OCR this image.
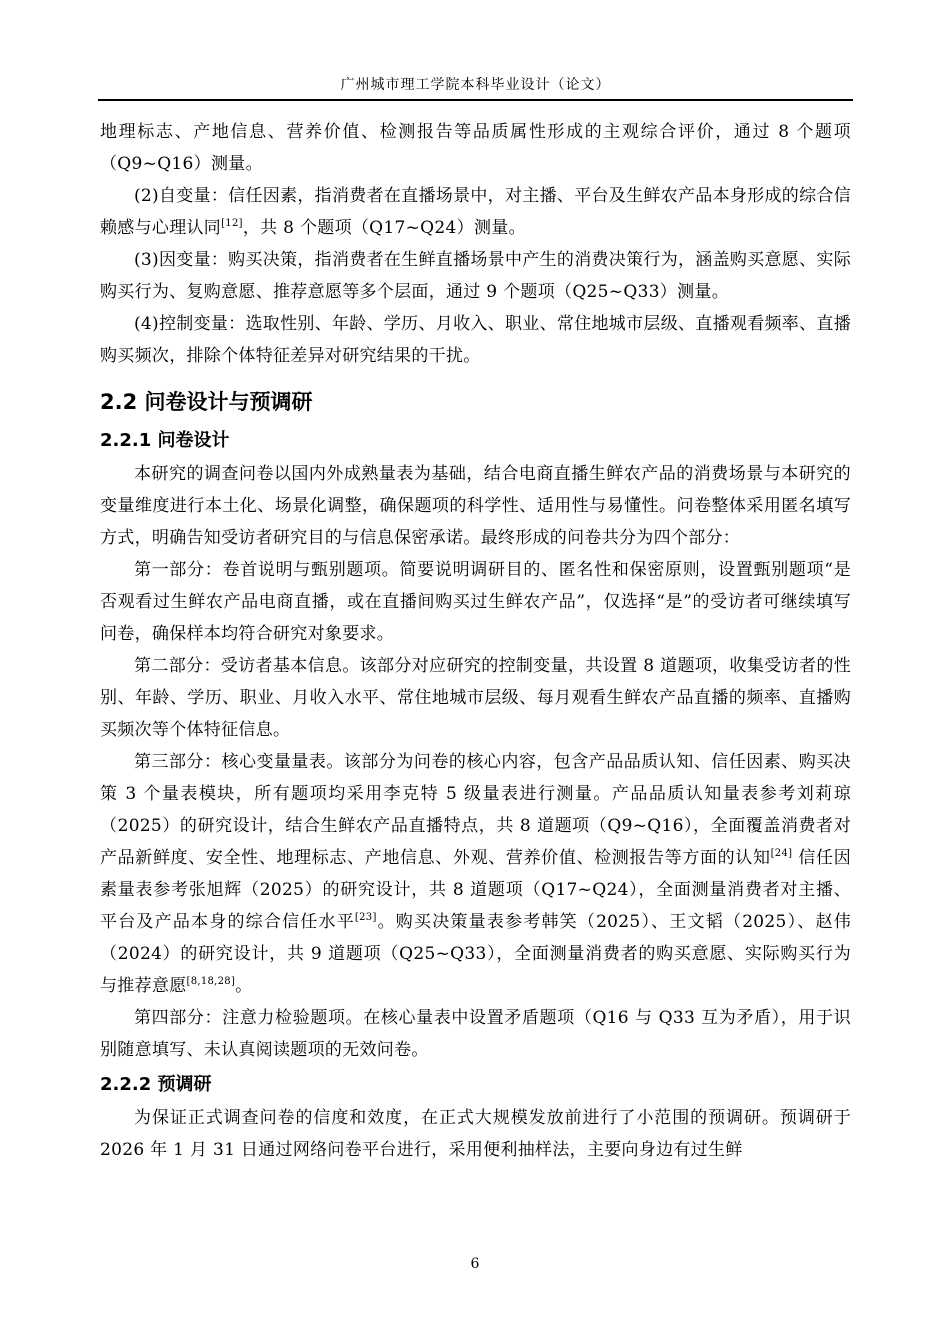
广州城市理工学院本科毕业设计（论文）

地理标志、产地信息、营养价值、检测报告等品质属性形成的主观综合评价，通过 8 个题项（Q9~Q16）测量。

(2)自变量：信任因素，指消费者在直播场景中，对主播、平台及生鲜农产品本身形成的综合信赖感与心理认同[12]，共 8 个题项（Q17~Q24）测量。

(3)因变量：购买决策，指消费者在生鲜直播场景中产生的消费决策行为，涵盖购买意愿、实际购买行为、复购意愿、推荐意愿等多个层面，通过 9 个题项（Q25~Q33）测量。

(4)控制变量：选取性别、年龄、学历、月收入、职业、常住地城市层级、直播观看频率、直播购买频次，排除个体特征差异对研究结果的干扰。

2.2 问卷设计与预调研
2.2.1 问卷设计

本研究的调查问卷以国内外成熟量表为基础，结合电商直播生鲜农产品的消费场景与本研究的变量维度进行本土化、场景化调整，确保题项的科学性、适用性与易懂性。问卷整体采用匿名填写方式，明确告知受访者研究目的与信息保密承诺。最终形成的问卷共分为四个部分：

第一部分：卷首说明与甄别题项。简要说明调研目的、匿名性和保密原则，设置甄别题项“是否观看过生鲜农产品电商直播，或在直播间购买过生鲜农产品”，仅选择“是”的受访者可继续填写问卷，确保样本均符合研究对象要求。

第二部分：受访者基本信息。该部分对应研究的控制变量，共设置 8 道题项，收集受访者的性别、年龄、学历、职业、月收入水平、常住地城市层级、每月观看生鲜农产品直播的频率、直播购买频次等个体特征信息。

第三部分：核心变量量表。该部分为问卷的核心内容，包含产品品质认知、信任因素、购买决策 3 个量表模块，所有题项均采用李克特 5 级量表进行测量。产品品质认知量表参考刘莉琼（2025）的研究设计，结合生鲜农产品直播特点，共 8 道题项（Q9~Q16），全面覆盖消费者对产品新鲜度、安全性、地理标志、产地信息、外观、营养价值、检测报告等方面的认知[24] 信任因素量表参考张旭辉（2025）的研究设计，共 8 道题项（Q17~Q24），全面测量消费者对主播、平台及产品本身的综合信任水平[23]。购买决策量表参考韩笑（2025）、王文韬（2025）、赵伟（2024）的研究设计，共 9 道题项（Q25~Q33），全面测量消费者的购买意愿、实际购买行为与推荐意愿[8,18,28]。

第四部分：注意力检验题项。在核心量表中设置矛盾题项（Q16 与 Q33 互为矛盾），用于识别随意填写、未认真阅读题项的无效问卷。

2.2.2 预调研

为保证正式调查问卷的信度和效度，在正式大规模发放前进行了小范围的预调研。预调研于 2026 年 1 月 31 日通过网络问卷平台进行，采用便利抽样法，主要向身边有过生鲜

6
